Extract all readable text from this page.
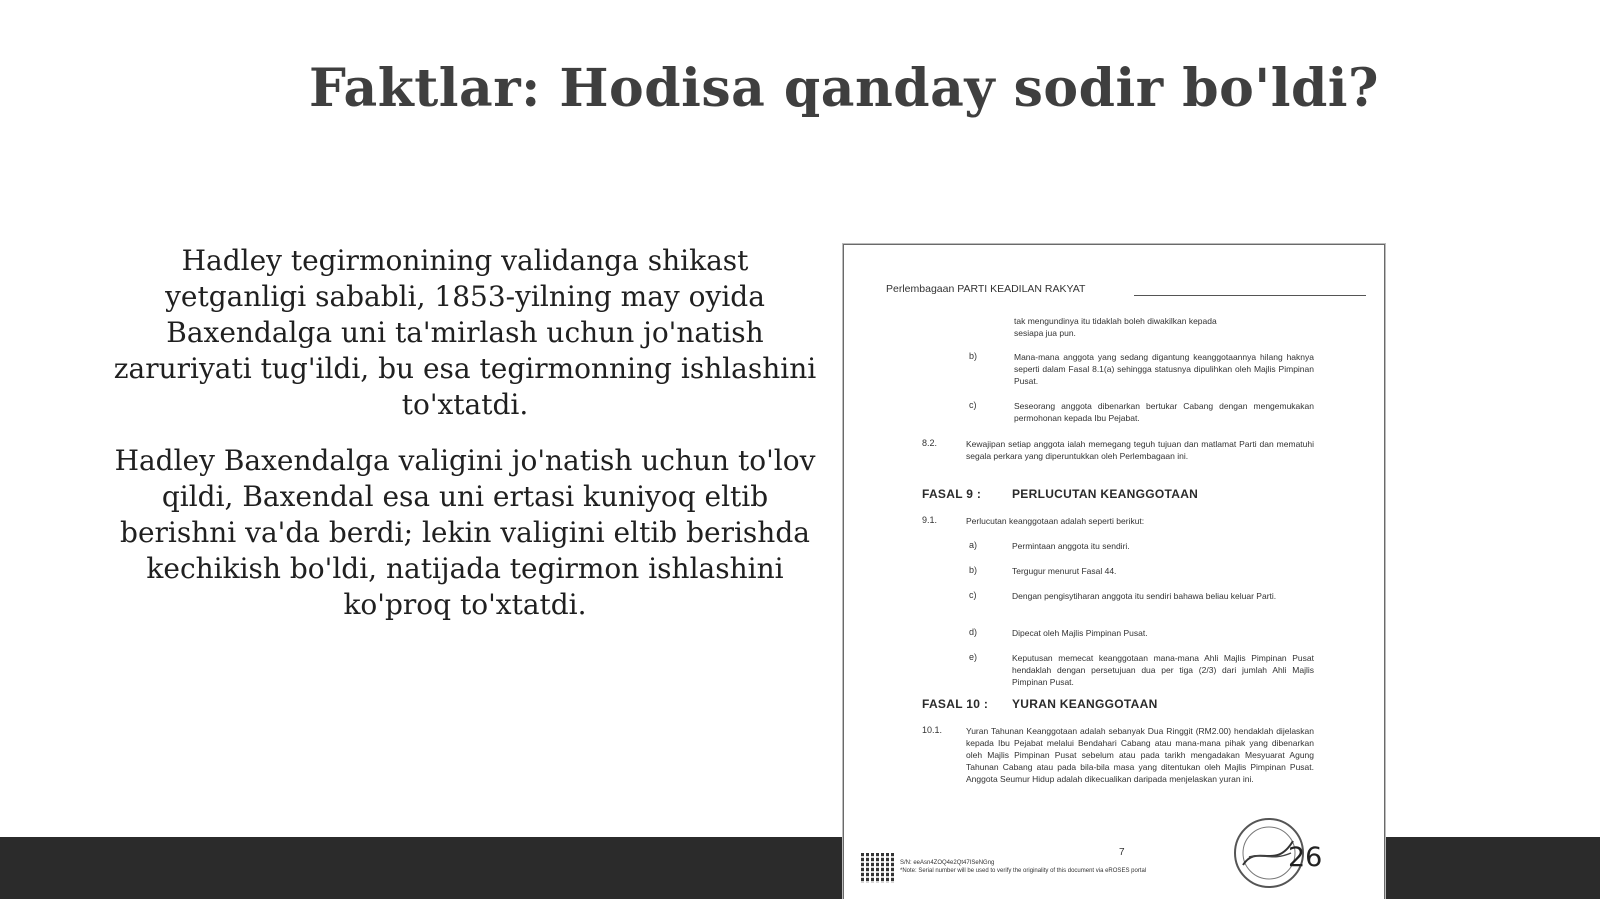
Faktlar: Hodisa qanday sodir bo'ldi?

Hadley tegirmonining validanga shikast yetganligi sababli, 1853-yilning may oyida Baxendalga uni ta'mirlash uchun jo'natish zaruriyati tug'ildi, bu esa tegirmonning ishlashini to'xtatdi.

Hadley Baxendalga valigini jo'natish uchun to'lov qildi, Baxendal esa uni ertasi kuniyoq eltib berishni va'da berdi; lekin valigini eltib berishda kechikish bo'ldi, natijada tegirmon ishlashini ko'proq to'xtatdi.

Perlembagaan PARTI KEADILAN RAKYAT
tak mengundinya itu tidaklah boleh diwakilkan kepada
sesiapa jua pun.
b)	Mana-mana anggota yang sedang digantung keanggotaannya hilang haknya seperti dalam Fasal 8.1(a) sehingga statusnya dipulihkan oleh Majlis Pimpinan Pusat.
c)	Seseorang anggota dibenarkan bertukar Cabang dengan mengemukakan permohonan kepada Ibu Pejabat.
8.2.	Kewajipan setiap anggota ialah memegang teguh tujuan dan matlamat Parti dan mematuhi segala perkara yang diperuntukkan oleh Perlembagaan ini.
FASAL 9 :	PERLUCUTAN KEANGGOTAAN
9.1.	Perlucutan keanggotaan adalah seperti berikut:
a)	Permintaan anggota itu sendiri.
b)	Tergugur menurut Fasal 44.
c)	Dengan pengisytiharan anggota itu sendiri bahawa beliau keluar Parti.
d)	Dipecat oleh Majlis Pimpinan Pusat.
e)	Keputusan memecat keanggotaan mana-mana Ahli Majlis Pimpinan Pusat hendaklah dengan persetujuan dua per tiga (2/3) dari jumlah Ahli Majlis Pimpinan Pusat.
FASAL 10 : YURAN KEANGGOTAAN
10.1.	Yuran Tahunan Keanggotaan adalah sebanyak Dua Ringgit (RM2.00) hendaklah dijelaskan kepada Ibu Pejabat melalui Bendahari Cabang atau mana-mana pihak yang dibenarkan oleh Majlis Pimpinan Pusat sebelum atau pada tarikh mengadakan Mesyuarat Agung Tahunan Cabang atau pada bila-bila masa yang ditentukan oleh Majlis Pimpinan Pusat. Anggota Seumur Hidup adalah dikecualikan daripada menjelaskan yuran ini.
7
S/N: eeAsn4ZOQ4e2Qt47ISeNGng
*Note: Serial number will be used to verify the originality of this document via eROSES portal	26
